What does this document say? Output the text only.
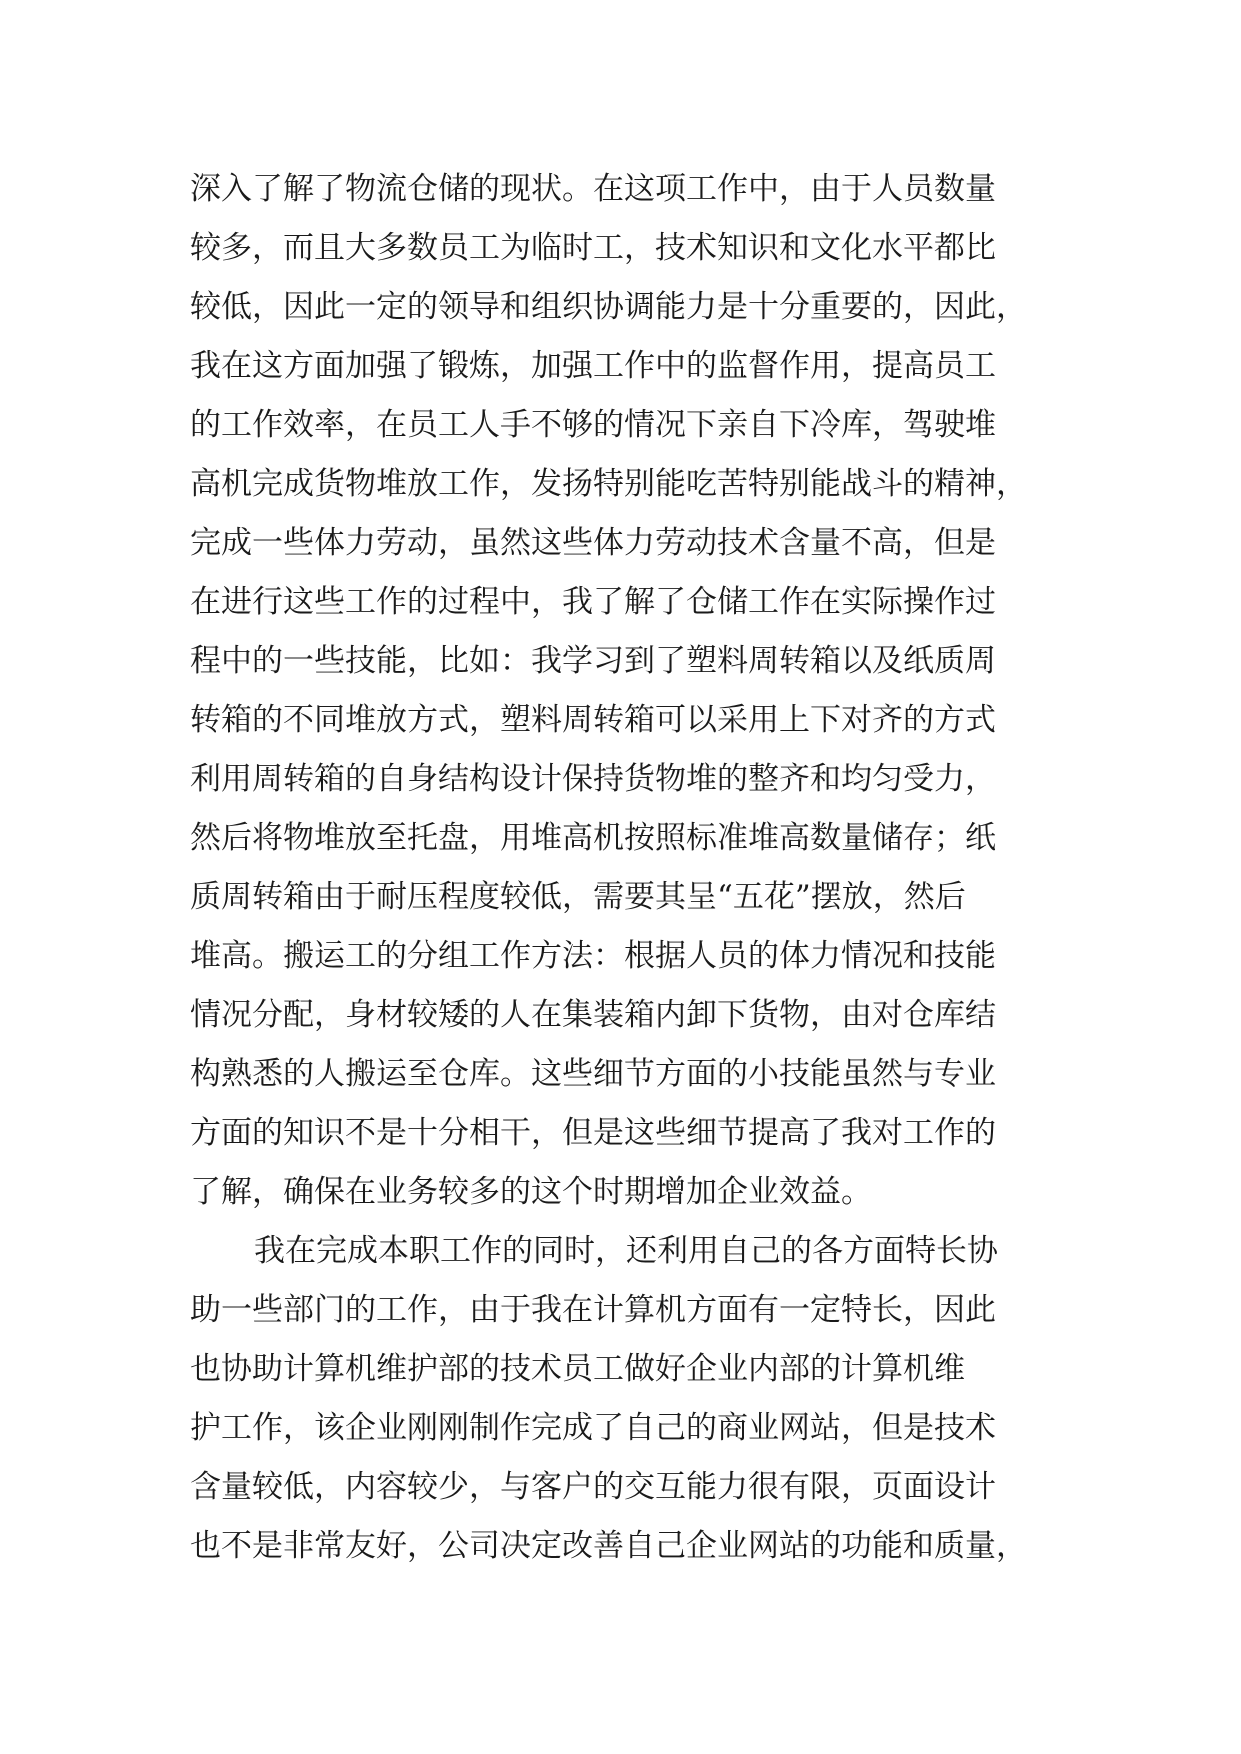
深入了解了物流仓储的现状。在这项工作中，由于人员数量
较多，而且大多数员工为临时工，技术知识和文化水平都比
较低，因此一定的领导和组织协调能力是十分重要的，因此，
我在这方面加强了锻炼，加强工作中的监督作用，提高员工
的工作效率，在员工人手不够的情况下亲自下冷库，驾驶堆
高机完成货物堆放工作，发扬特别能吃苦特别能战斗的精神，
完成一些体力劳动，虽然这些体力劳动技术含量不高，但是
在进行这些工作的过程中，我了解了仓储工作在实际操作过
程中的一些技能，比如：我学习到了塑料周转箱以及纸质周
转箱的不同堆放方式，塑料周转箱可以采用上下对齐的方式
利用周转箱的自身结构设计保持货物堆的整齐和均匀受力，
然后将物堆放至托盘，用堆高机按照标准堆高数量储存；纸
质周转箱由于耐压程度较低，需要其呈“五花”摆放，然后
堆高。搬运工的分组工作方法：根据人员的体力情况和技能
情况分配，身材较矮的人在集装箱内卸下货物，由对仓库结
构熟悉的人搬运至仓库。这些细节方面的小技能虽然与专业
方面的知识不是十分相干，但是这些细节提高了我对工作的
了解，确保在业务较多的这个时期增加企业效益。
我在完成本职工作的同时，还利用自己的各方面特长协
助一些部门的工作，由于我在计算机方面有一定特长，因此
也协助计算机维护部的技术员工做好企业内部的计算机维
护工作，该企业刚刚制作完成了自己的商业网站，但是技术
含量较低，内容较少，与客户的交互能力很有限，页面设计
也不是非常友好，公司决定改善自己企业网站的功能和质量，
